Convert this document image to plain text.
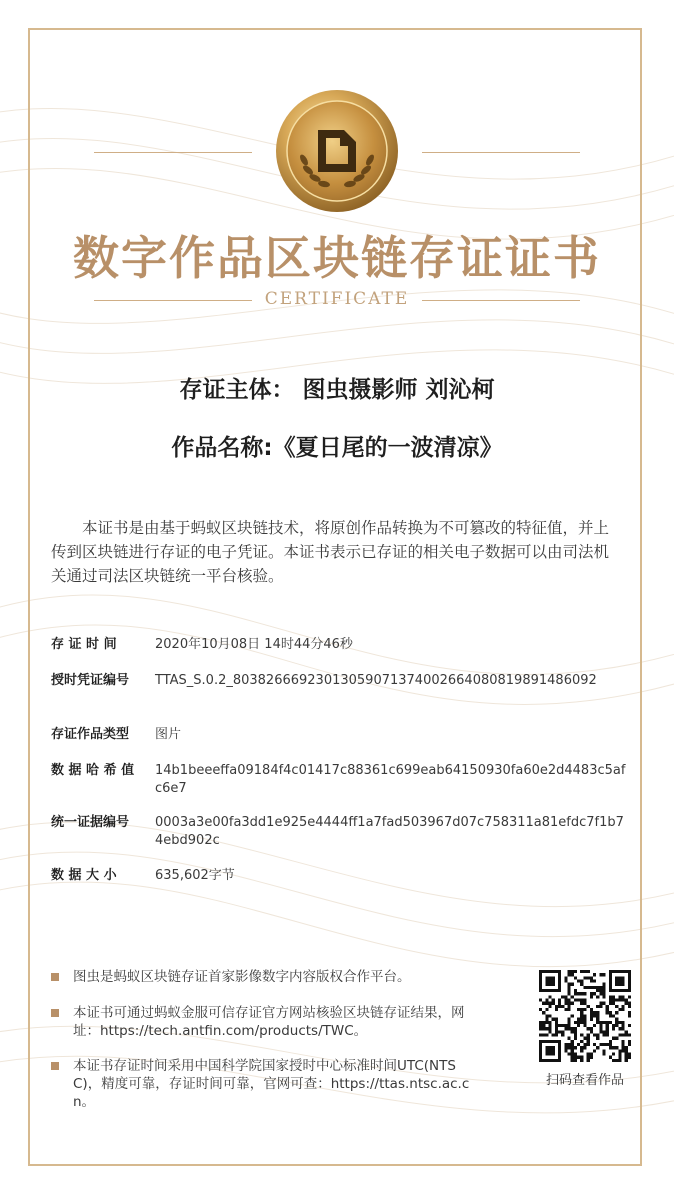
数字作品区块链存证证书
CERTIFICATE
存证主体： 图虫摄影师 刘沁柯
作品名称:《夏日尾的一波清凉》
本证书是由基于蚂蚁区块链技术，将原创作品转换为不可篡改的特征值，并上传到区块链进行存证的电子凭证。本证书表示已存证的相关电子数据可以由司法机关通过司法区块链统一平台核验。
存 证 时 间	2020年10月08日 14时44分46秒
授时凭证编号	TTAS_S.0.2_80382666923013059071374002664080819891486092
存证作品类型	图片
数 据 哈 希 值	14b1beeeffa09184f4c01417c88361c699eab64150930fa60e2d4483c5afc6e7
统一证据编号	0003a3e00fa3dd1e925e4444ff1a7fad503967d07c758311a81efdc7f1b74ebd902c
数 据 大 小	635,602字节
图虫是蚂蚁区块链存证首家影像数字内容版权合作平台。
本证书可通过蚂蚁金服可信存证官方网站核验区块链存证结果，网址：https://tech.antfin.com/products/TWC。
本证书存证时间采用中国科学院国家授时中心标准时间UTC(NTSC)，精度可靠，存证时间可靠，官网可查：https://ttas.ntsc.ac.cn。
扫码查看作品
